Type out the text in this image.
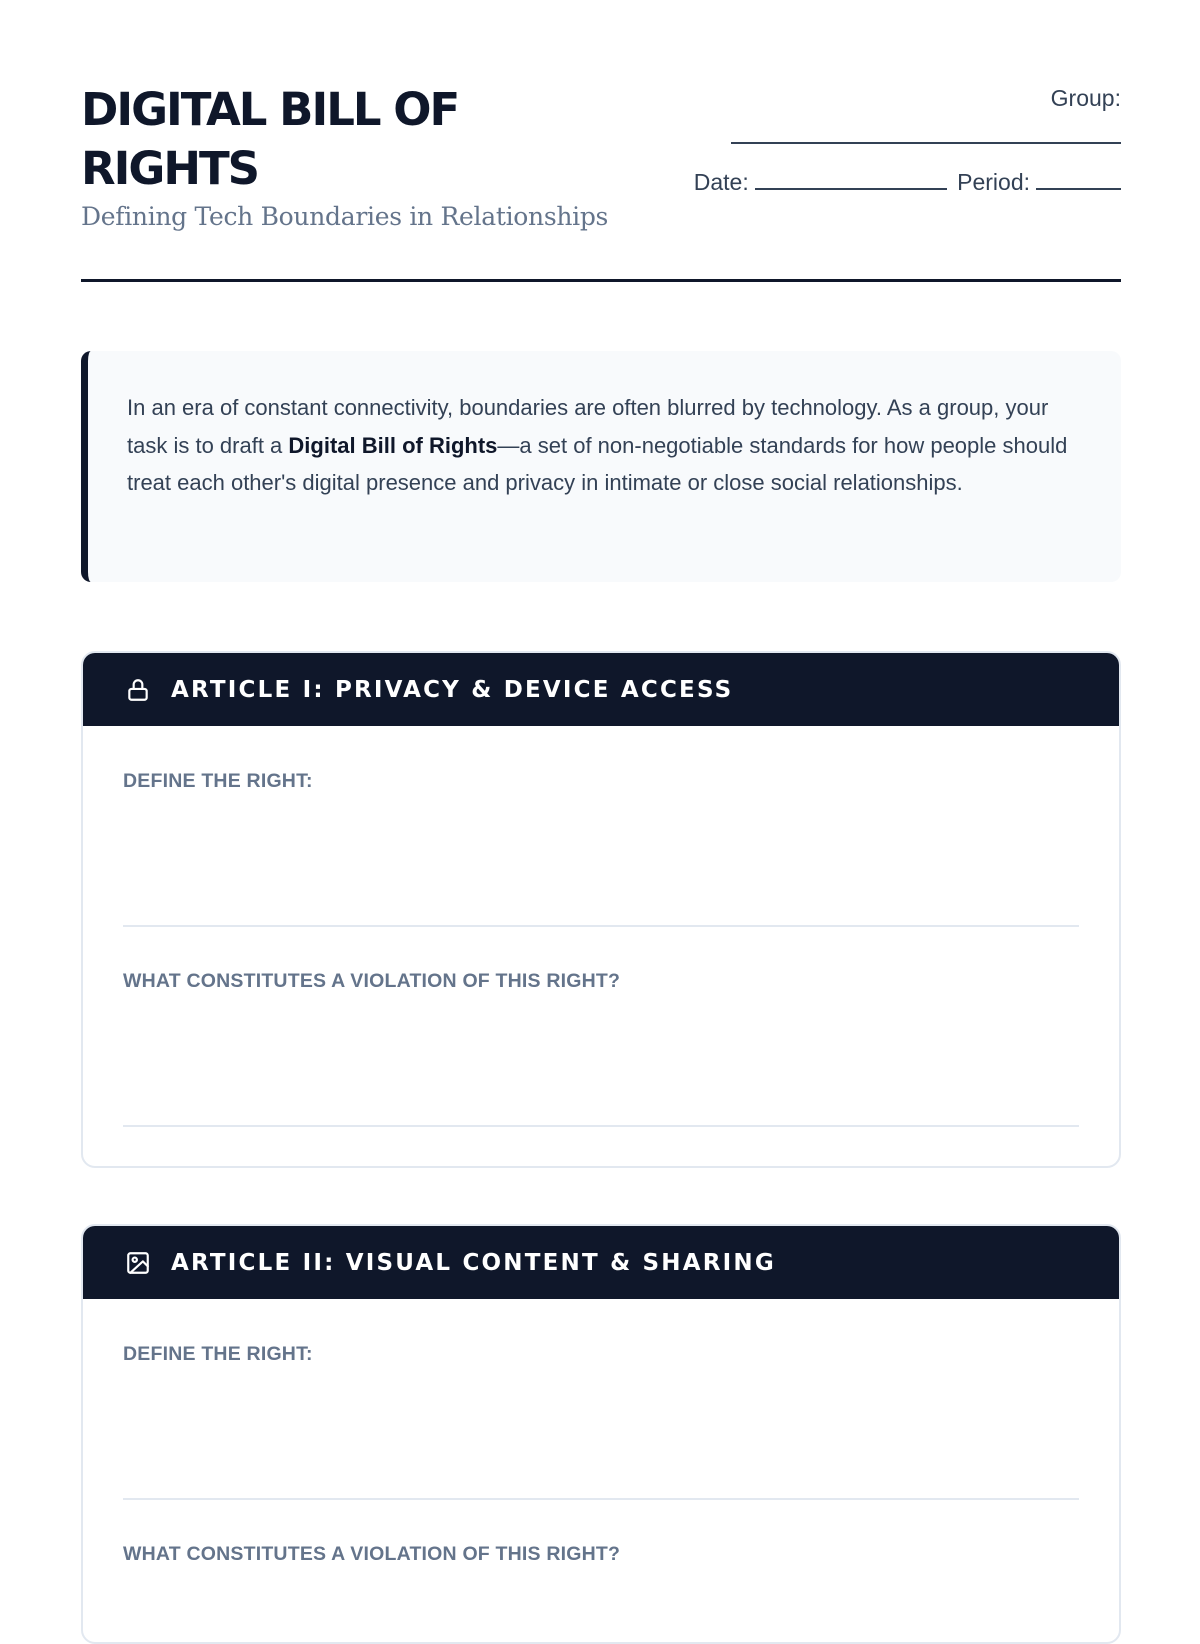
DIGITAL BILL OF RIGHTS
Defining Tech Boundaries in Relationships
Group:
Date:	Period:
In an era of constant connectivity, boundaries are often blurred by technology. As a group, your task is to draft a Digital Bill of Rights—a set of non-negotiable standards for how people should treat each other's digital presence and privacy in intimate or close social relationships.
ARTICLE I: PRIVACY & DEVICE ACCESS
DEFINE THE RIGHT:
WHAT CONSTITUTES A VIOLATION OF THIS RIGHT?
ARTICLE II: VISUAL CONTENT & SHARING
DEFINE THE RIGHT:
WHAT CONSTITUTES A VIOLATION OF THIS RIGHT?
